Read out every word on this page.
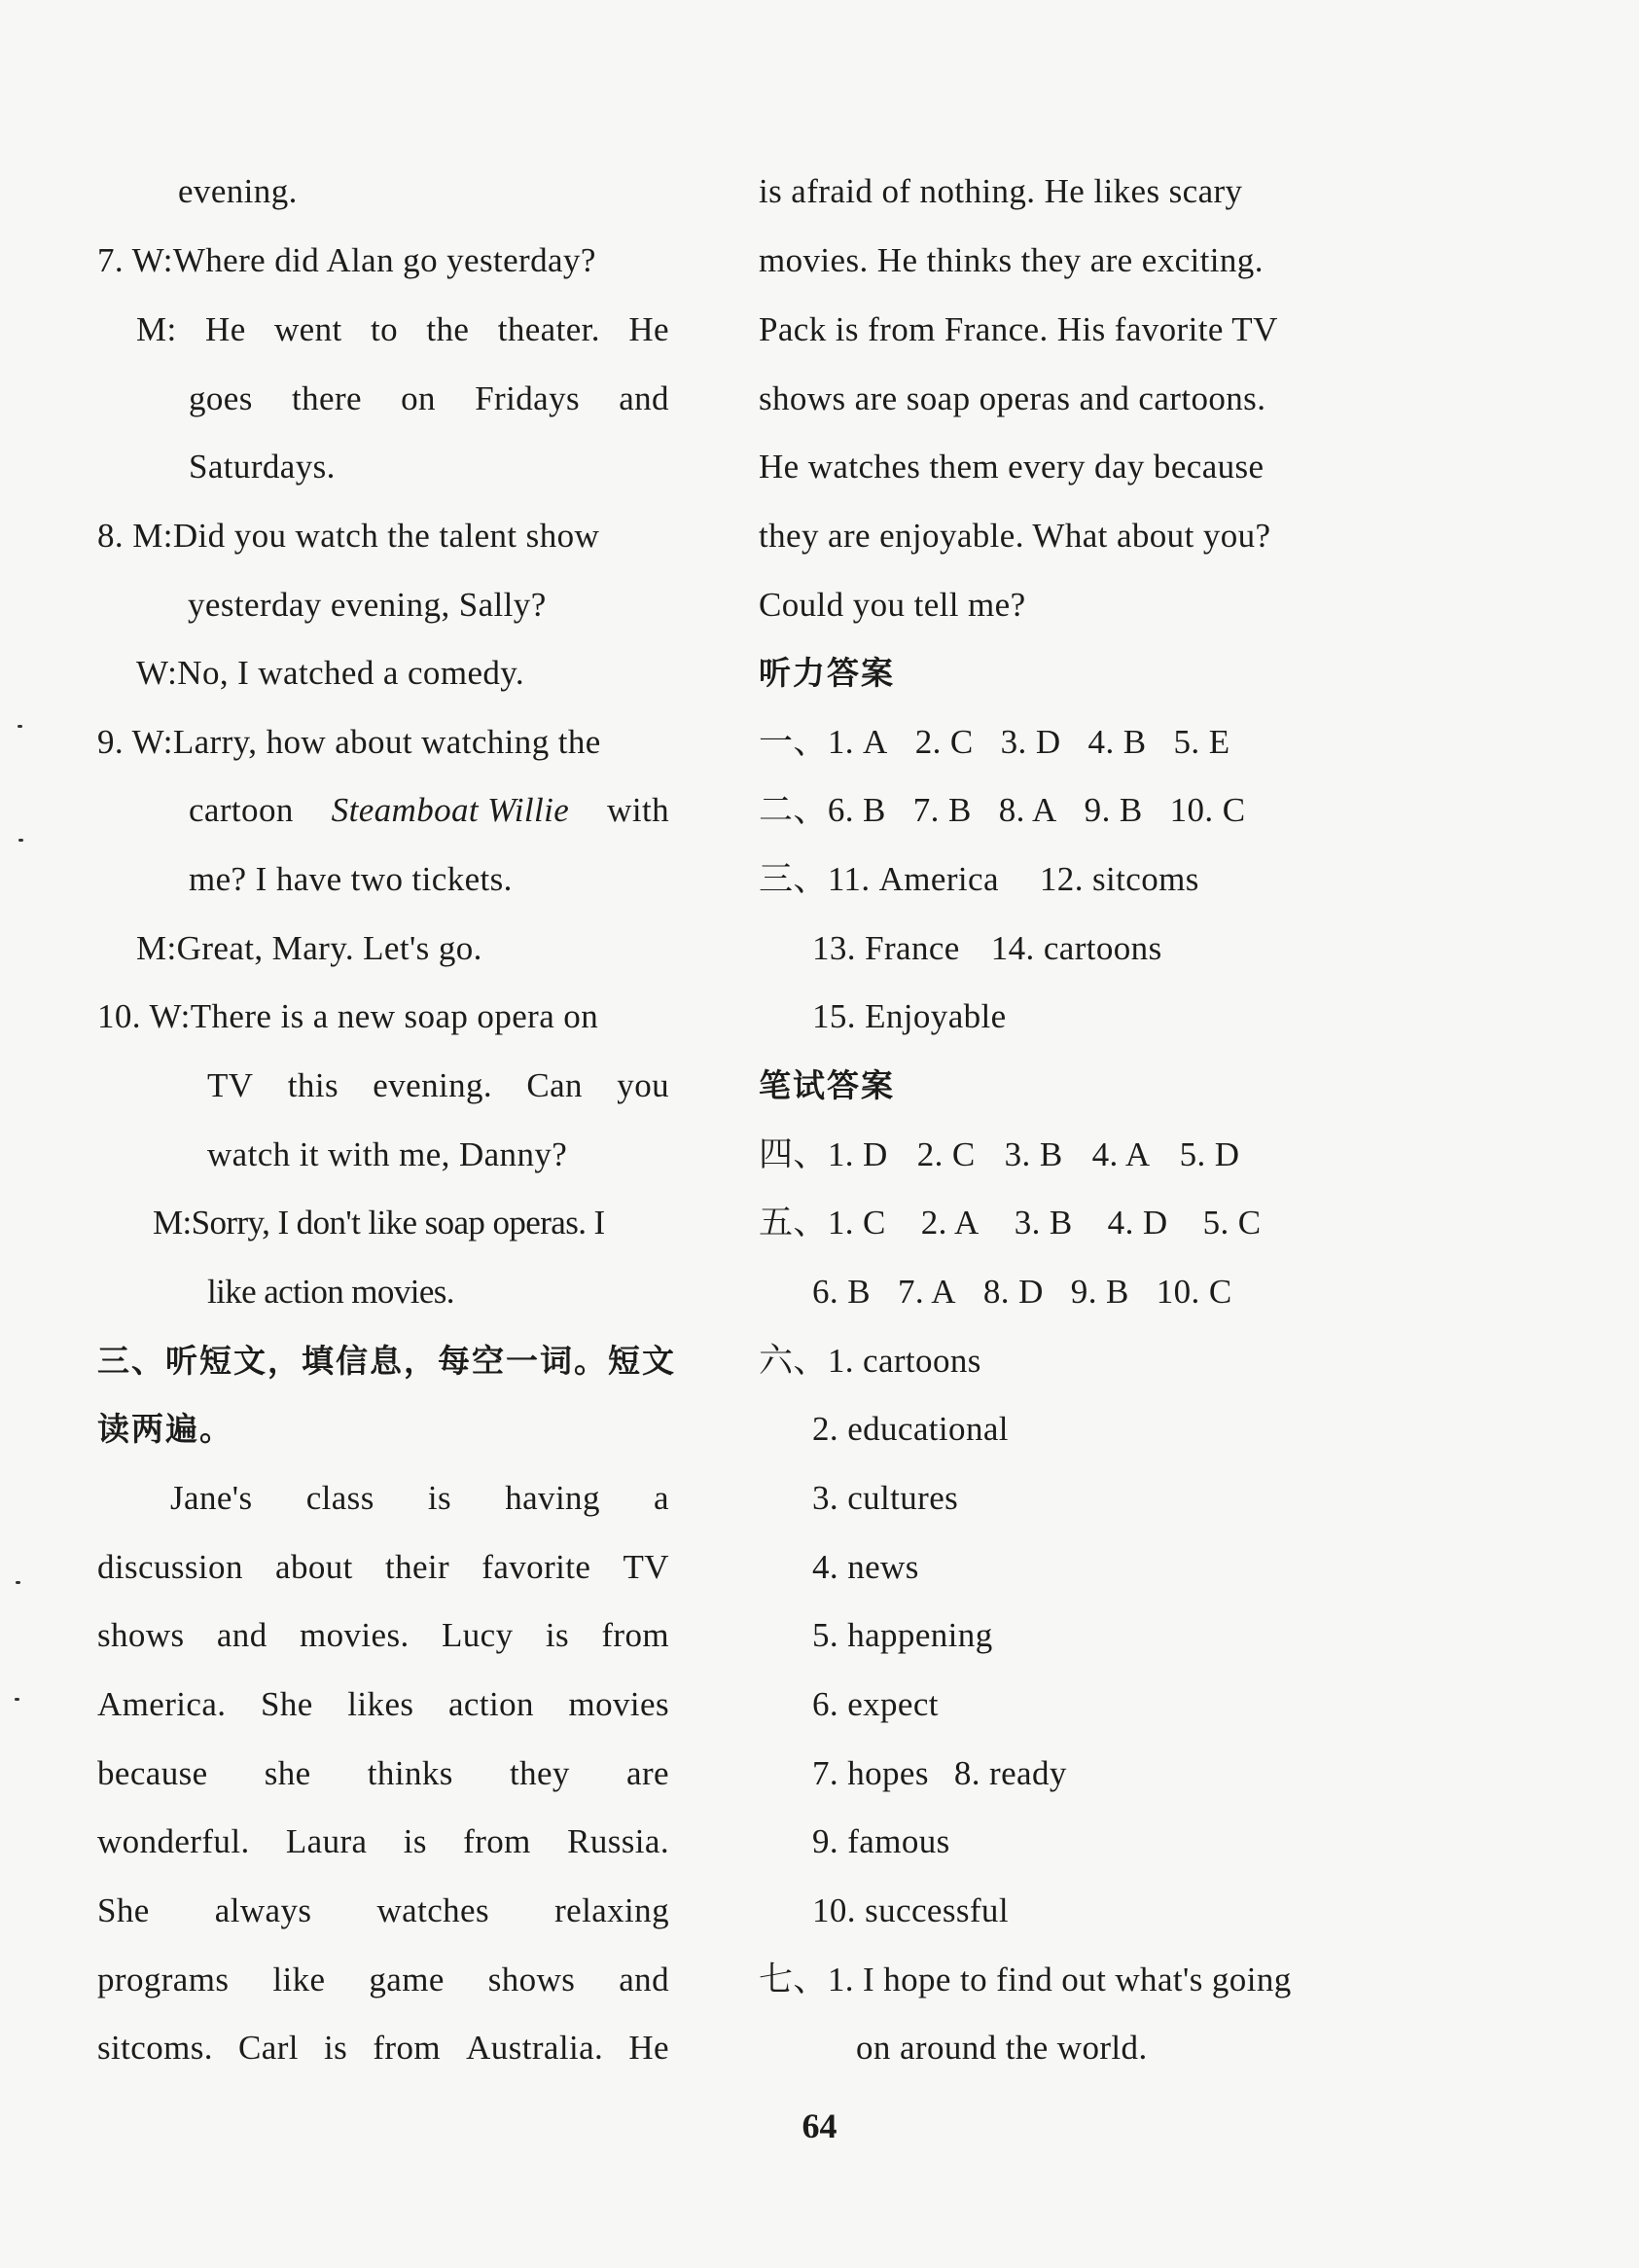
evening.
7. W:Where did Alan go yesterday?
M: He went to the theater. He
goes there on Fridays and
Saturdays.
8. M:Did you watch the talent show
yesterday evening, Sally?
W:No, I watched a comedy.
9. W:Larry, how about watching the
cartoon Steamboat Willie with
me? I have two tickets.
M:Great, Mary. Let's go.
10. W:There is a new soap opera on
TV this evening. Can you
watch it with me, Danny?
M:Sorry, I don't like soap operas. I
like action movies.
三、听短文，填信息，每空一词。短文
读两遍。
Jane's class is having a
discussion about their favorite TV
shows and movies. Lucy is from
America. She likes action movies
because she thinks they are
wonderful. Laura is from Russia.
She always watches relaxing
programs like game shows and
sitcoms. Carl is from Australia. He
is afraid of nothing. He likes scary
movies. He thinks they are exciting.
Pack is from France. His favorite TV
shows are soap operas and cartoons.
He watches them every day because
they are enjoyable. What about you?
Could you tell me?
听力答案
一、1. A 2. C 3. D 4. B 5. E
二、6. B 7. B 8. A 9. B 10. C
三、11. America 12. sitcoms
13. France 14. cartoons
15. Enjoyable
笔试答案
四、1. D 2. C 3. B 4. A 5. D
五、1. C 2. A 3. B 4. D 5. C
6. B 7. A 8. D 9. B 10. C
六、1. cartoons
2. educational
3. cultures
4. news
5. happening
6. expect
7. hopes 8. ready
9. famous
10. successful
七、1. I hope to find out what's going
on around the world.
64
